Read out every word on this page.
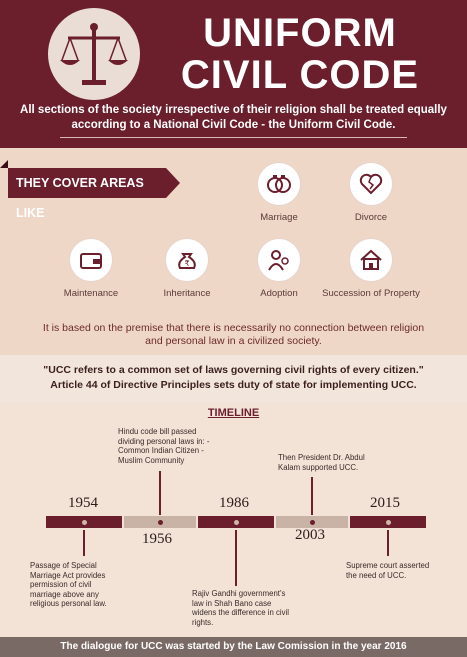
UNIFORM
CIVIL CODE
All sections of the society irrespective of their religion shall be treated equally according to a National Civil Code - the Uniform Civil Code.
THEY COVER AREAS LIKE	Marriage	Divorce
Maintenance
₹
Inheritance	Adoption	Succession of Property
It is based on the premise that there is necessarily no connection between religion and personal law in a civilized society.
"UCC refers to a common set of laws governing civil rights of every citizen."
Article 44 of Directive Principles sets duty of state for implementing UCC.
TIMELINE
1954
1956
1986
2003
2015
Hindu code bill passed dividing personal laws in: - Common Indian Citizen - Muslim Community	Then President Dr. Abdul Kalam supported UCC.
Passage of Special Marriage Act provides permission of civil marriage above any religious personal law.
Rajiv Gandhi government's law in Shah Bano case widens the difference in civil rights.
Supreme court asserted the need of UCC.
The dialogue for UCC was started by the Law Comission in the year 2016
